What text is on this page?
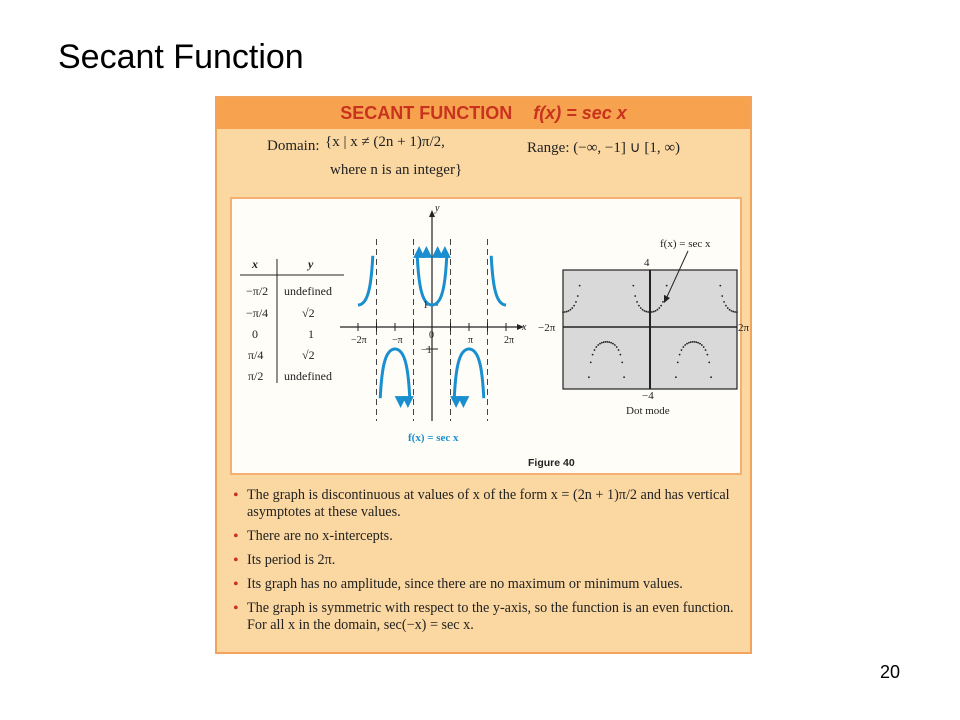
Secant Function
SECANT FUNCTION f(x) = sec x
Domain: {x | x ≠ (2n + 1)π/2,
where n is an integer}
Range: (−∞, −1] ∪ [1, ∞)
x	y
−π/2 undefined
−π/4	√2
0	1
π/4	√2
π/2 undefined
y
x
−2π	−π	0	π	2π
1
−1
f(x) = sec x
f(x) = sec x
4
−4
−2π	2π
Dot mode
Figure 40
• The graph is discontinuous at values of x of the form x = (2n + 1)π/2 and has vertical asymptotes at these values.
• There are no x-intercepts.
• Its period is 2π.
• Its graph has no amplitude, since there are no maximum or minimum values.
• The graph is symmetric with respect to the y-axis, so the function is an even function. For all x in the domain, sec(−x) = sec x.
20
